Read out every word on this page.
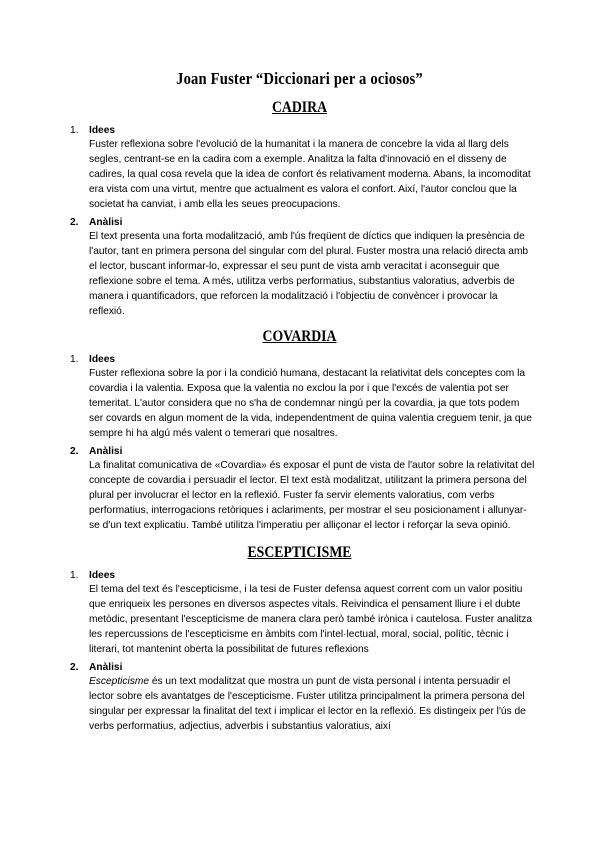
Joan Fuster “Diccionari per a ociosos”
CADIRA
1. Idees

Fuster reflexiona sobre l'evolució de la humanitat i la manera de concebre la vida al llarg dels segles, centrant-se en la cadira com a exemple. Analitza la falta d'innovació en el disseny de cadires, la qual cosa revela que la idea de confort és relativament moderna. Abans, la incomoditat era vista com una virtut, mentre que actualment es valora el confort. Així, l'autor conclou que la societat ha canviat, i amb ella les seues preocupacions.

2. Anàlisi

El text presenta una forta modalització, amb l'ús freqüent de díctics que indiquen la presència de l'autor, tant en primera persona del singular com del plural. Fuster mostra una relació directa amb el lector, buscant informar-lo, expressar el seu punt de vista amb veracitat i aconseguir que reflexione sobre el tema. A més, utilitza verbs performatius, substantius valoratius, adverbis de manera i quantificadors, que reforcen la modalització i l'objectiu de convèncer i provocar la reflexió.

COVARDIA
1. Idees

Fuster reflexiona sobre la por i la condició humana, destacant la relativitat dels conceptes com la covardia i la valentia. Exposa que la valentia no exclou la por i que l'excés de valentia pot ser temeritat. L'autor considera que no s'ha de condemnar ningú per la covardia, ja que tots podem ser covards en algun moment de la vida, independentment de quina valentia creguem tenir, ja que sempre hi ha algú més valent o temerari que nosaltres.

2. Anàlisi

La finalitat comunicativa de «Covardia» és exposar el punt de vista de l'autor sobre la relativitat del concepte de covardia i persuadir el lector. El text està modalitzat, utilitzant la primera persona del plural per involucrar el lector en la reflexió. Fuster fa servir elements valoratius, com verbs performatius, interrogacions retòriques i aclariments, per mostrar el seu posicionament i allunyar-se d'un text explicatiu. També utilitza l'imperatiu per alliçonar el lector i reforçar la seva opinió.

ESCEPTICISME
1. Idees

El tema del text és l'escepticisme, i la tesi de Fuster defensa aquest corrent com un valor positiu que enriqueix les persones en diversos aspectes vitals. Reivindica el pensament lliure i el dubte metòdic, presentant l'escepticisme de manera clara però també irònica i cautelosa. Fuster analitza les repercussions de l'escepticisme en àmbits com l'intel·lectual, moral, social, polític, tècnic i literari, tot mantenint oberta la possibilitat de futures reflexions

2. Anàlisi

Escepticisme és un text modalitzat que mostra un punt de vista personal i intenta persuadir el lector sobre els avantatges de l'escepticisme. Fuster utilitza principalment la primera persona del singular per expressar la finalitat del text i implicar el lector en la reflexió. Es distingeix per l'ús de verbs performatius, adjectius, adverbis i substantius valoratius, així
